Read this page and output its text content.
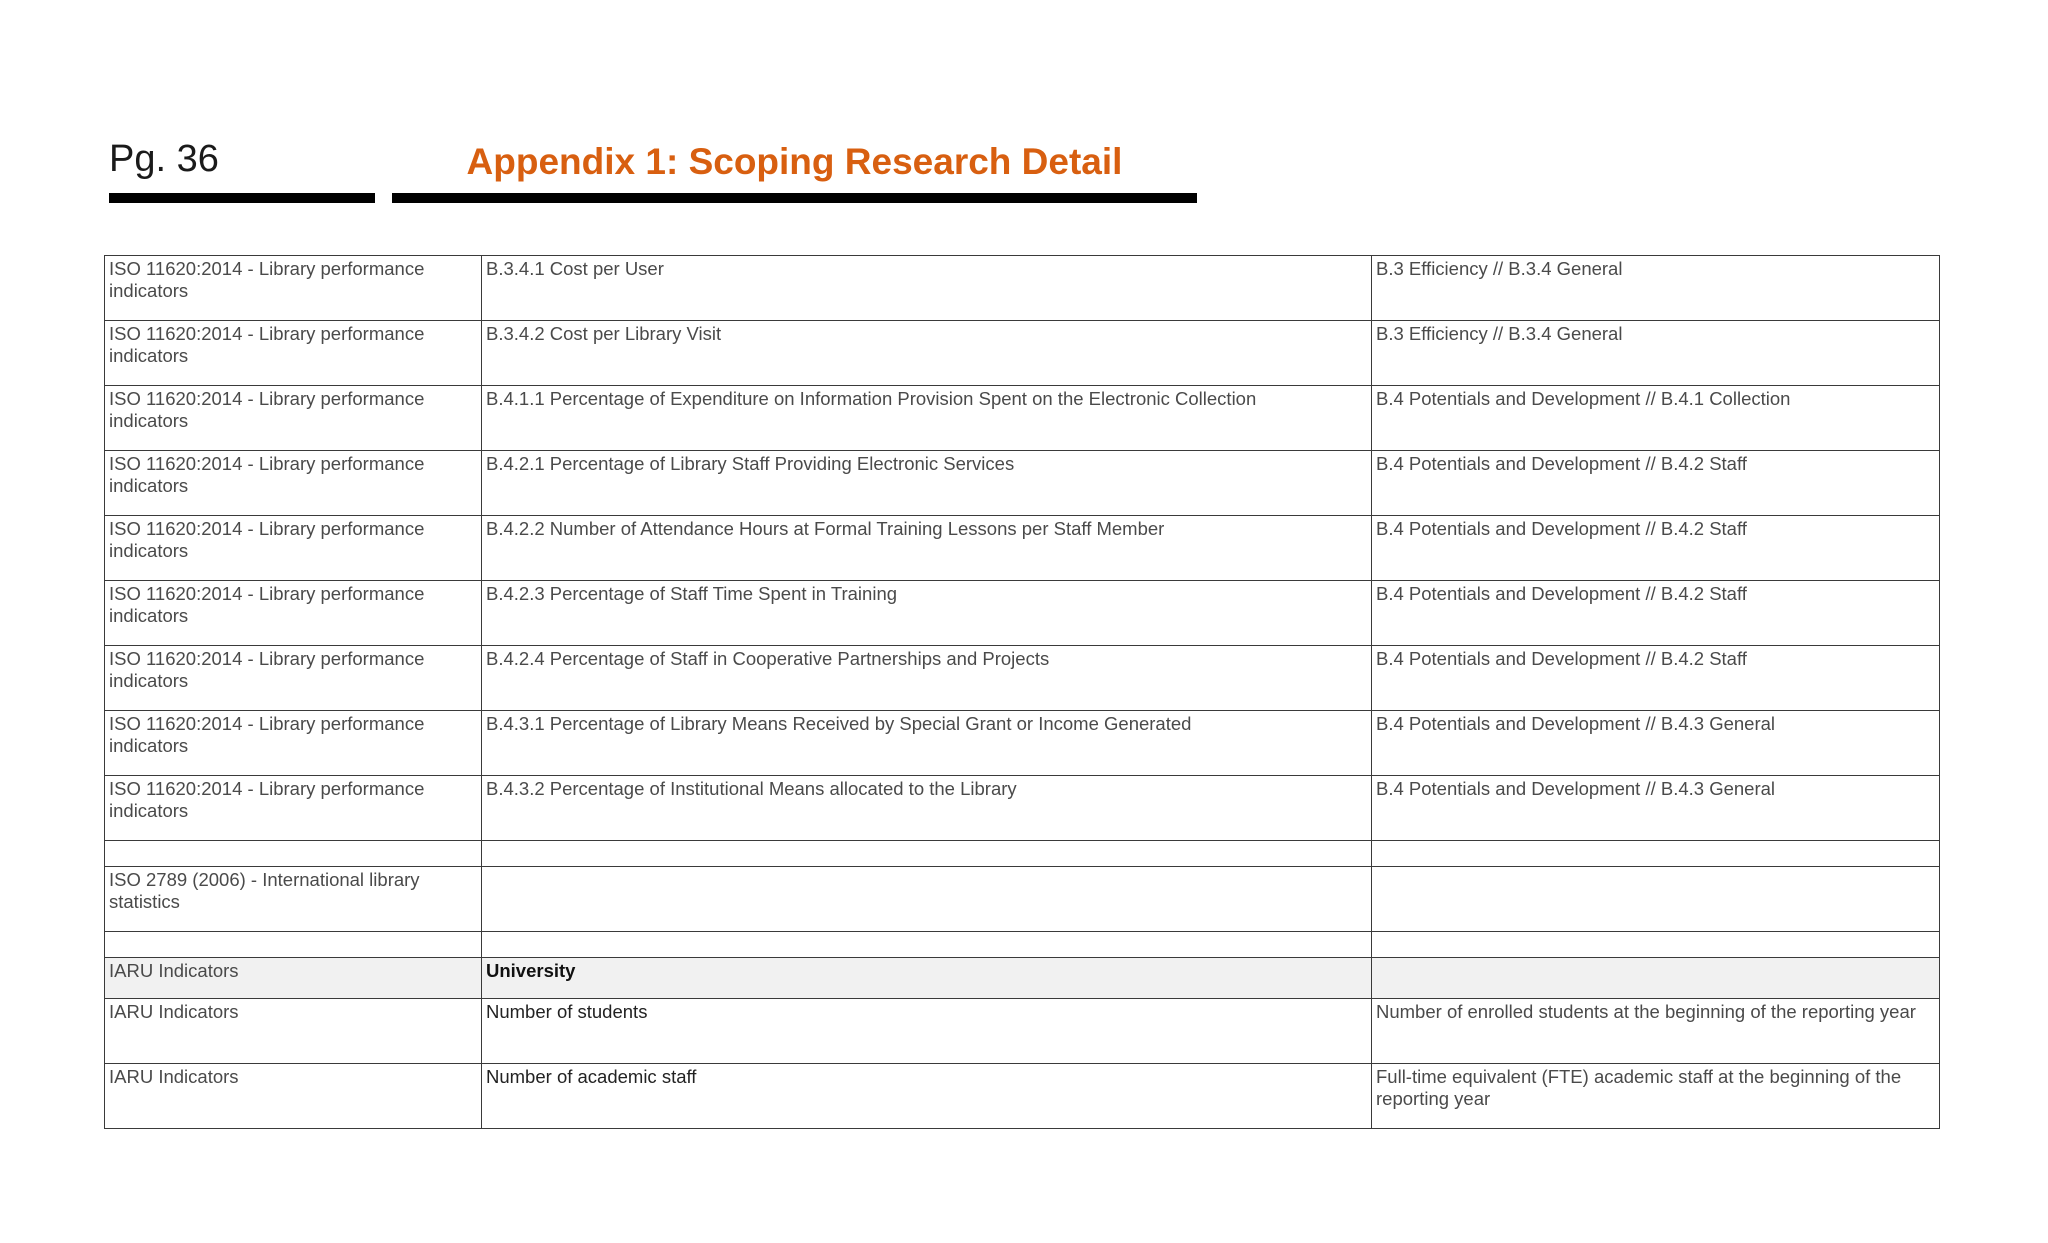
Pg. 36	Appendix 1: Scoping Research Detail
ISO 11620:2014 - Library performance indicators	B.3.4.1 Cost per User	B.3 Efficiency // B.3.4 General
ISO 11620:2014 - Library performance indicators	B.3.4.2 Cost per Library Visit	B.3 Efficiency // B.3.4 General
ISO 11620:2014 - Library performance indicators	B.4.1.1 Percentage of Expenditure on Information Provision Spent on the Electronic Collection	B.4 Potentials and Development // B.4.1 Collection
ISO 11620:2014 - Library performance indicators	B.4.2.1 Percentage of Library Staff Providing Electronic Services	B.4 Potentials and Development // B.4.2 Staff
ISO 11620:2014 - Library performance indicators	B.4.2.2 Number of Attendance Hours at Formal Training Lessons per Staff Member	B.4 Potentials and Development // B.4.2 Staff
ISO 11620:2014 - Library performance indicators	B.4.2.3 Percentage of Staff Time Spent in Training	B.4 Potentials and Development // B.4.2 Staff
ISO 11620:2014 - Library performance indicators	B.4.2.4 Percentage of Staff in Cooperative Partnerships and Projects	B.4 Potentials and Development // B.4.2 Staff
ISO 11620:2014 - Library performance indicators	B.4.3.1 Percentage of Library Means Received by Special Grant or Income Generated	B.4 Potentials and Development // B.4.3 General
ISO 11620:2014 - Library performance indicators	B.4.3.2 Percentage of Institutional Means allocated to the Library	B.4 Potentials and Development // B.4.3 General

ISO 2789 (2006) - International library statistics		

IARU Indicators	University	
IARU Indicators	Number of students	Number of enrolled students at the beginning of the reporting year
IARU Indicators	Number of academic staff	Full-time equivalent (FTE) academic staff at the beginning of the reporting year
